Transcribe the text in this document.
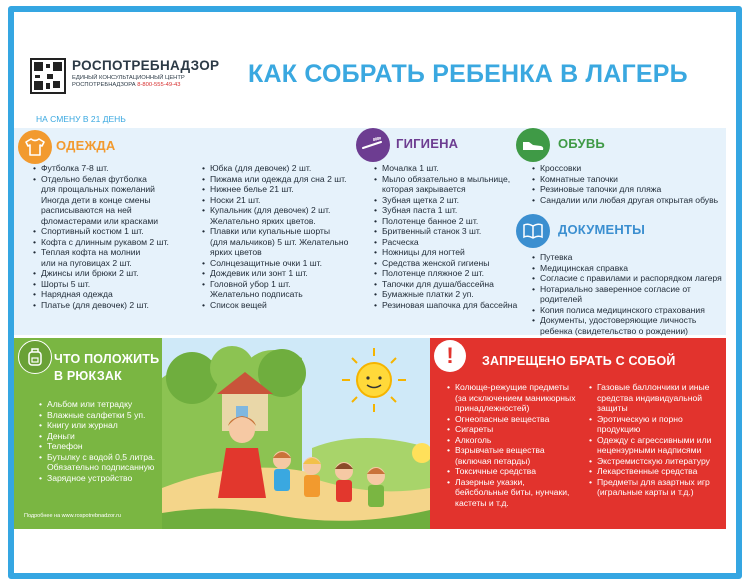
РОСПОТРЕБНАДЗОР
ЕДИНЫЙ КОНСУЛЬТАЦИОННЫЙ ЦЕНТР
РОСПОТРЕБНАДЗОРА 8-800-555-49-43	КАК СОБРАТЬ РЕБЕНКА В ЛАГЕРЬ
НА СМЕНУ В 21 ДЕНЬ
ОДЕЖДА
• Футболка 7-8 шт.
• Отдельно белая футболка
для прощальных пожеланий
Иногда дети в конце смены
расписываются на ней
фломастерами или красками
• Спортивный костюм 1 шт.
• Кофта с длинным рукавом 2 шт.
• Теплая кофта на молнии
или на пуговицах 2 шт.
• Джинсы или брюки 2 шт.
• Шорты 5 шт.
• Нарядная одежда
• Платье (для девочек) 2 шт.
• Юбка (для девочек) 2 шт.
• Пижама или одежда для сна 2 шт.
• Нижнее белье 21 шт.
• Носки 21 шт.
• Купальник (для девочек) 2 шт.
Желательно ярких цветов.
• Плавки или купальные шорты
(для мальчиков) 5 шт. Желательно
ярких цветов
• Солнцезащитные очки 1 шт.
• Дождевик или зонт 1 шт.
• Головной убор 1 шт.
Желательно подписать
• Список вещей
ГИГИЕНА
• Мочалка 1 шт.
• Мыло обязательно в мыльнице,
которая закрывается
• Зубная щетка 2 шт.
• Зубная паста 1 шт.
• Полотенце банное 2 шт.
• Бритвенный станок 3 шт.
• Расческа
• Ножницы для ногтей
• Средства женской гигиены
• Полотенце пляжное 2 шт.
• Тапочки для душа/бассейна
• Бумажные платки 2 уп.
• Резиновая шапочка для бассейна
ОБУВЬ
• Кроссовки
• Комнатные тапочки
• Резиновые тапочки для пляжа
• Сандалии или любая другая открытая обувь
ДОКУМЕНТЫ
• Путевка
• Медицинская справка
• Согласие с правилами и распорядком лагеря
• Нотариально заверенное согласие от родителей
• Копия полиса медицинского страхования
• Документы, удостоверяющие личность
ребенка (свидетельство о рождении)
ЧТО ПОЛОЖИТЬ
В РЮКЗАК
• Альбом или тетрадку
• Влажные салфетки 5 уп.
• Книгу или журнал
• Деньги
• Телефон
• Бутылку с водой 0,5 литра.
Обязательно подписанную
• Зарядное устройство
Подробнее на www.rospotrebnadzor.ru
! ЗАПРЕЩЕНО БРАТЬ С СОБОЙ
• Колюще-режущие предметы
(за исключением маникюрных
принадлежностей)
• Огнеопасные вещества
• Сигареты
• Алкоголь
• Взрывчатые вещества
(включая петарды)
• Токсичные средства
• Лазерные указки,
бейсбольные биты, нунчаки,
кастеты и т.д.
• Газовые баллончики и иные
средства индивидуальной
защиты
• Эротическую и порно
продукцию
• Одежду с агрессивными или
нецензурными надписями
• Экстремистскую литературу
• Лекарственные средства
• Предметы для азартных игр
(игральные карты и т.д.)
